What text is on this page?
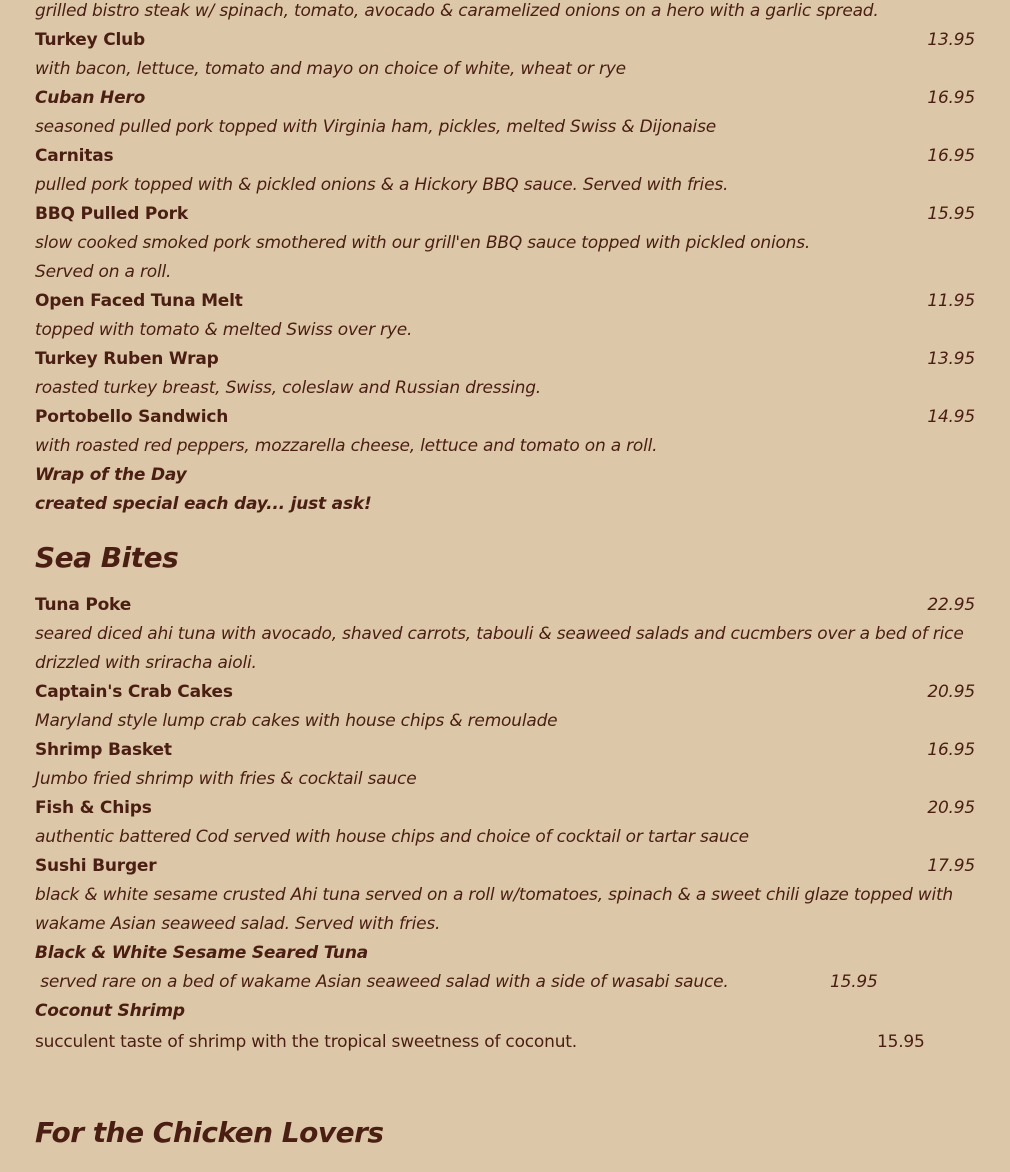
grilled bistro steak w/ spinach, tomato, avocado & caramelized onions on a hero with a garlic spread.
Turkey Club	13.95
with bacon, lettuce, tomato and mayo on choice of white, wheat or rye
Cuban Hero	16.95
seasoned pulled pork topped with Virginia ham, pickles, melted Swiss & Dijonaise
Carnitas	16.95
pulled pork topped with & pickled onions & a Hickory BBQ sauce. Served with fries.
BBQ Pulled Pork	15.95
slow cooked smoked pork smothered with our grill'en BBQ sauce topped with pickled onions.
Served on a roll.
Open Faced Tuna Melt	11.95
topped with tomato & melted Swiss over rye.
Turkey Ruben Wrap	13.95
roasted turkey breast, Swiss, coleslaw and Russian dressing.
Portobello Sandwich	14.95
with roasted red peppers, mozzarella cheese, lettuce and tomato on a roll.
Wrap of the Day
created special each day... just ask!
Sea Bites
Tuna Poke	22.95
seared diced ahi tuna with avocado, shaved carrots, tabouli & seaweed salads and cucmbers over a bed of rice
drizzled with sriracha aioli.
Captain's Crab Cakes	20.95
Maryland style lump crab cakes with house chips & remoulade
Shrimp Basket	16.95
Jumbo fried shrimp with fries & cocktail sauce
Fish & Chips	20.95
authentic battered Cod served with house chips and choice of cocktail or tartar sauce
Sushi Burger	17.95
black & white sesame crusted Ahi tuna served on a roll w/tomatoes, spinach & a sweet chili glaze topped with
wakame Asian seaweed salad. Served with fries.
Black & White Sesame Seared Tuna
served rare on a bed of wakame Asian seaweed salad with a side of wasabi sauce.	15.95
Coconut Shrimp
succulent taste of shrimp with the tropical sweetness of coconut.	15.95
For the Chicken Lovers
